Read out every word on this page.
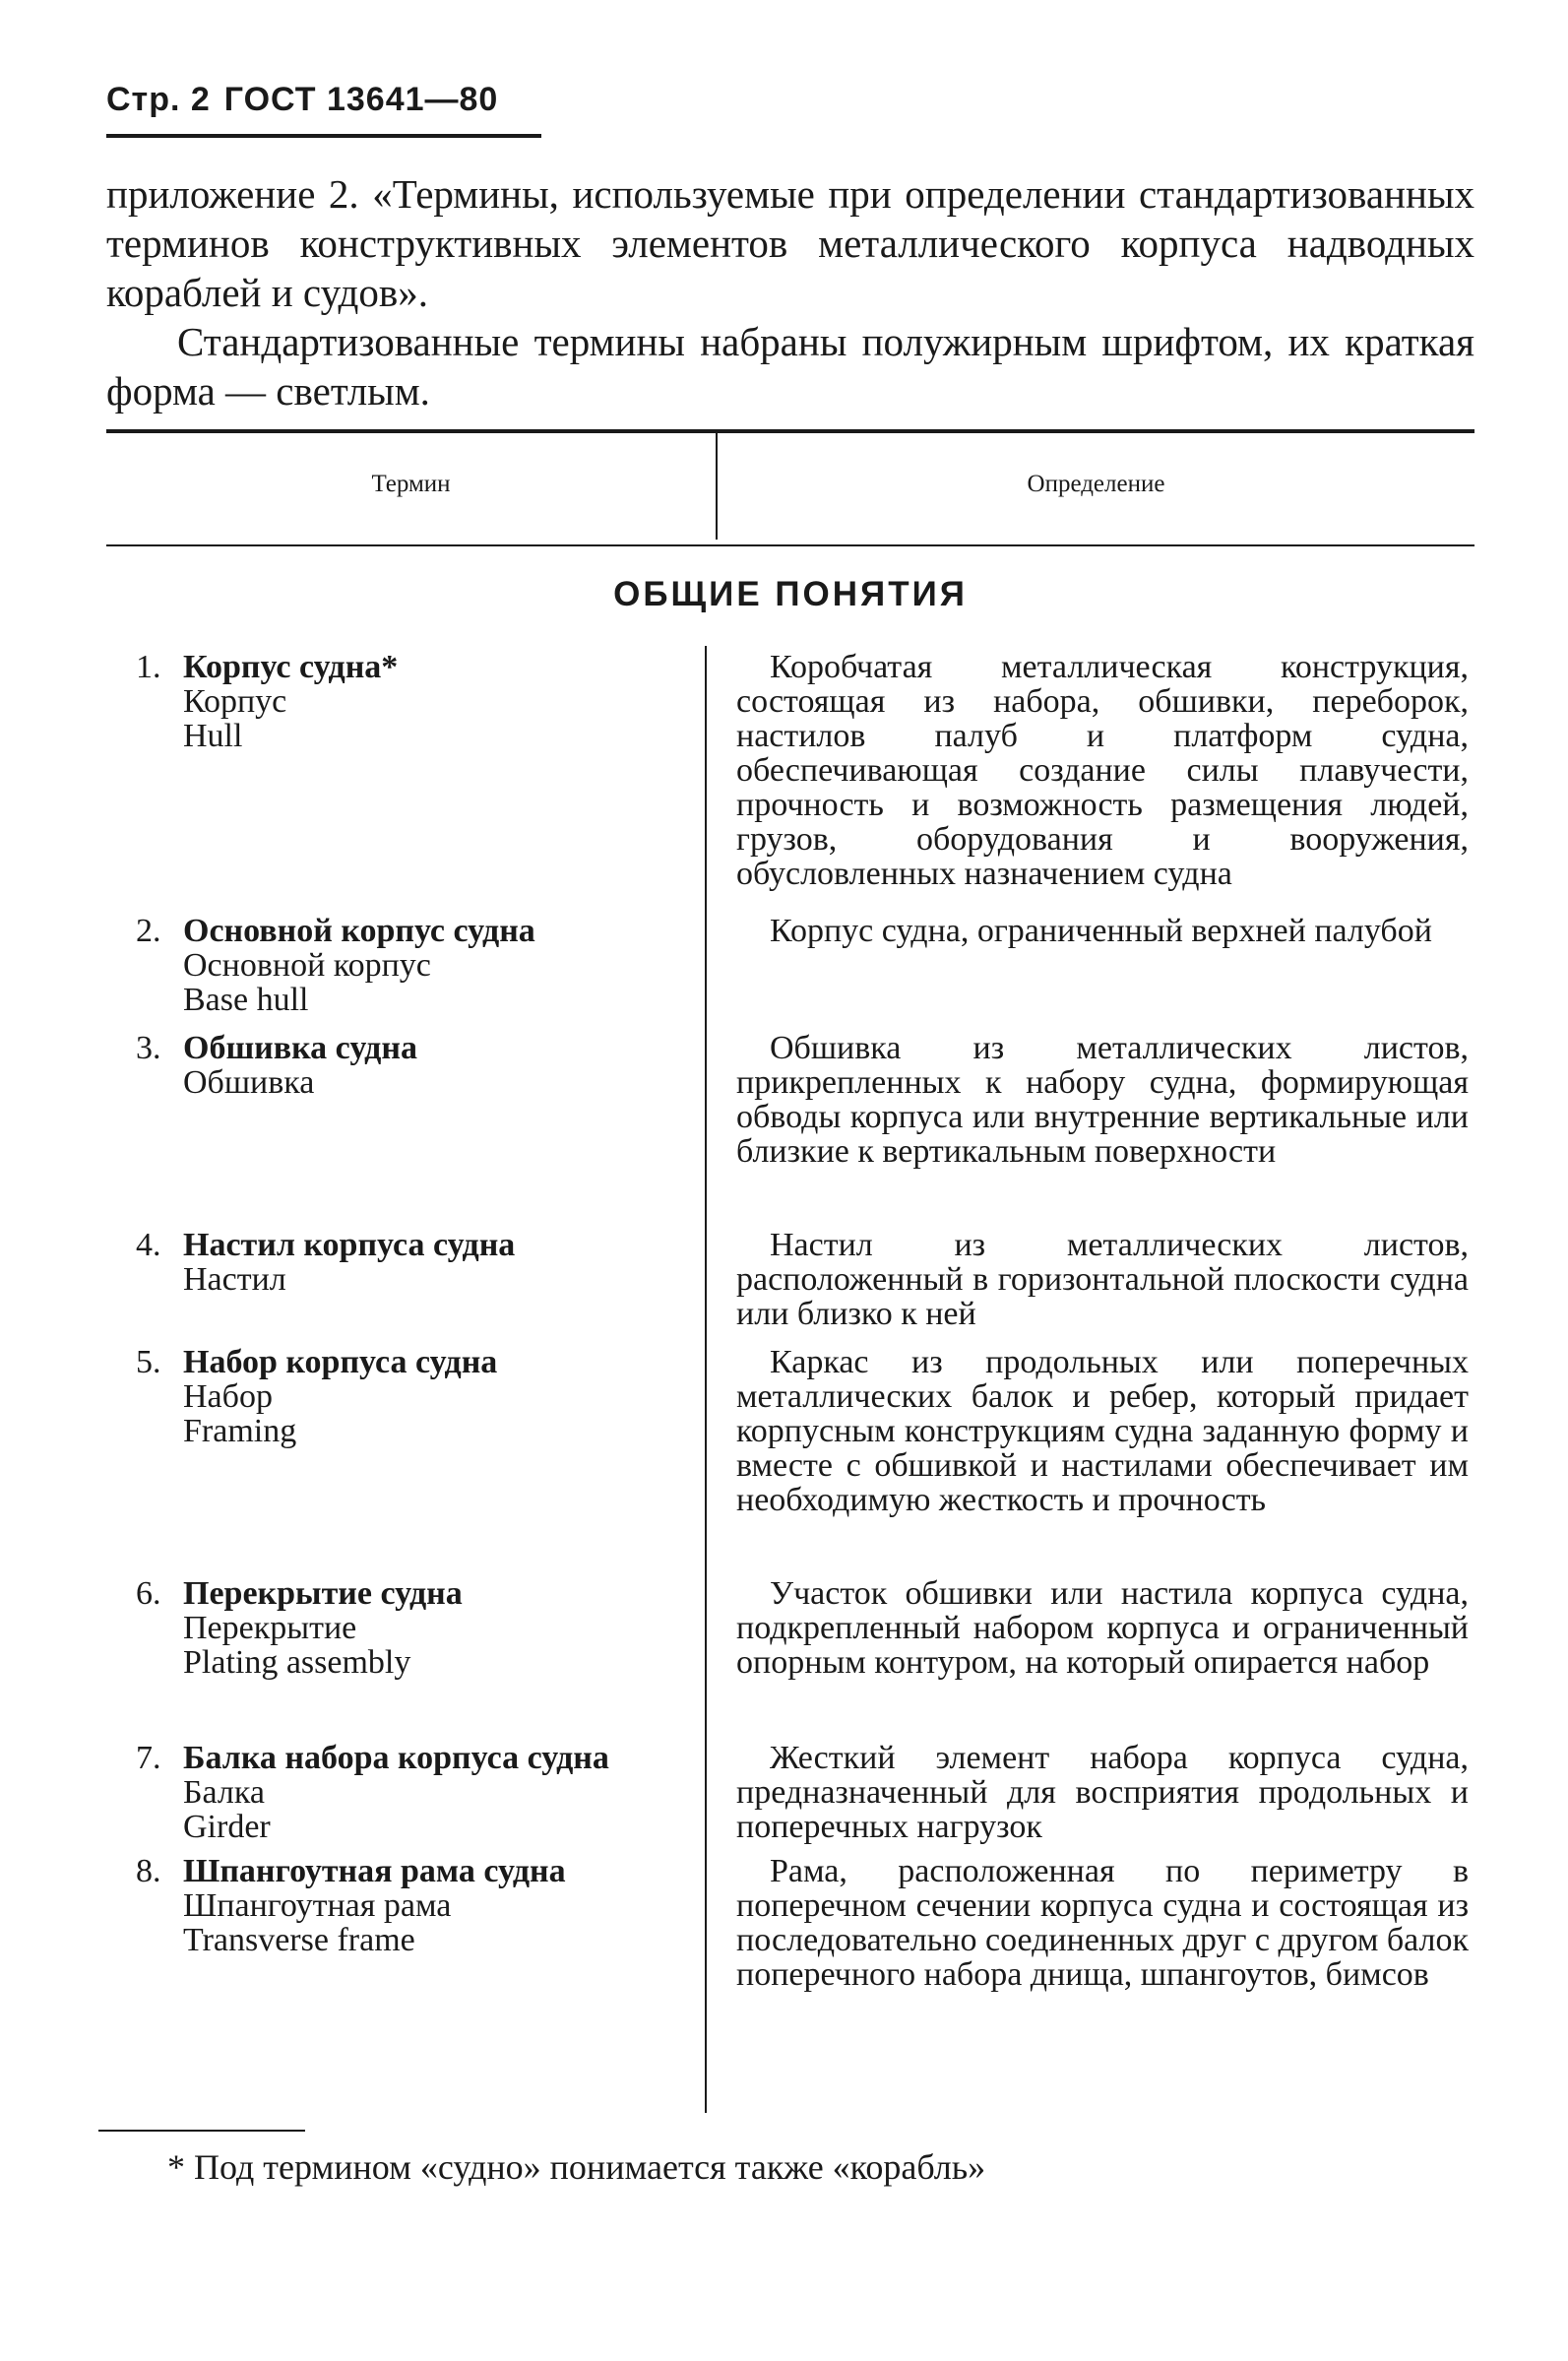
Стр. 2 ГОСТ 13641—80

приложение 2. «Термины, используемые при определении стандартизованных терминов конструктивных элементов металлического корпуса надводных кораблей и судов».

Стандартизованные термины набраны полужирным шрифтом, их краткая форма — светлым.

Термин	Определение
ОБЩИЕ ПОНЯТИЯ
1. Корпус судна*
Корпус
Hull
Коробчатая металлическая конструкция, состоящая из набора, обшивки, переборок, настилов палуб и платформ судна, обеспечивающая создание силы плавучести, прочность и возможность размещения людей, грузов, оборудования и вооружения, обусловленных назначением судна
2. Основной корпус судна
Основной корпус
Base hull
Корпус судна, ограниченный верхней палубой
3. Обшивка судна
Обшивка
Обшивка из металлических листов, прикрепленных к набору судна, формирующая обводы корпуса или внутренние вертикальные или близкие к вертикальным поверхности
4. Настил корпуса судна
Настил
Настил из металлических листов, расположенный в горизонтальной плоскости судна или близко к ней
5. Набор корпуса судна
Набор
Framing
Каркас из продольных или поперечных металлических балок и ребер, который придает корпусным конструкциям судна заданную форму и вместе с обшивкой и настилами обеспечивает им необходимую жесткость и прочность
6. Перекрытие судна
Перекрытие
Plating assembly
Участок обшивки или настила корпуса судна, подкрепленный набором корпуса и ограниченный опорным контуром, на который опирается набор
7. Балка набора корпуса судна
Балка
Girder
Жесткий элемент набора корпуса судна, предназначенный для восприятия продольных и поперечных нагрузок
8. Шпангоутная рама судна
Шпангоутная рама
Transverse frame
Рама, расположенная по периметру в поперечном сечении корпуса судна и состоящая из последовательно соединенных друг с другом балок поперечного набора днища, шпангоутов, бимсов
* Под термином «судно» понимается также «корабль»
